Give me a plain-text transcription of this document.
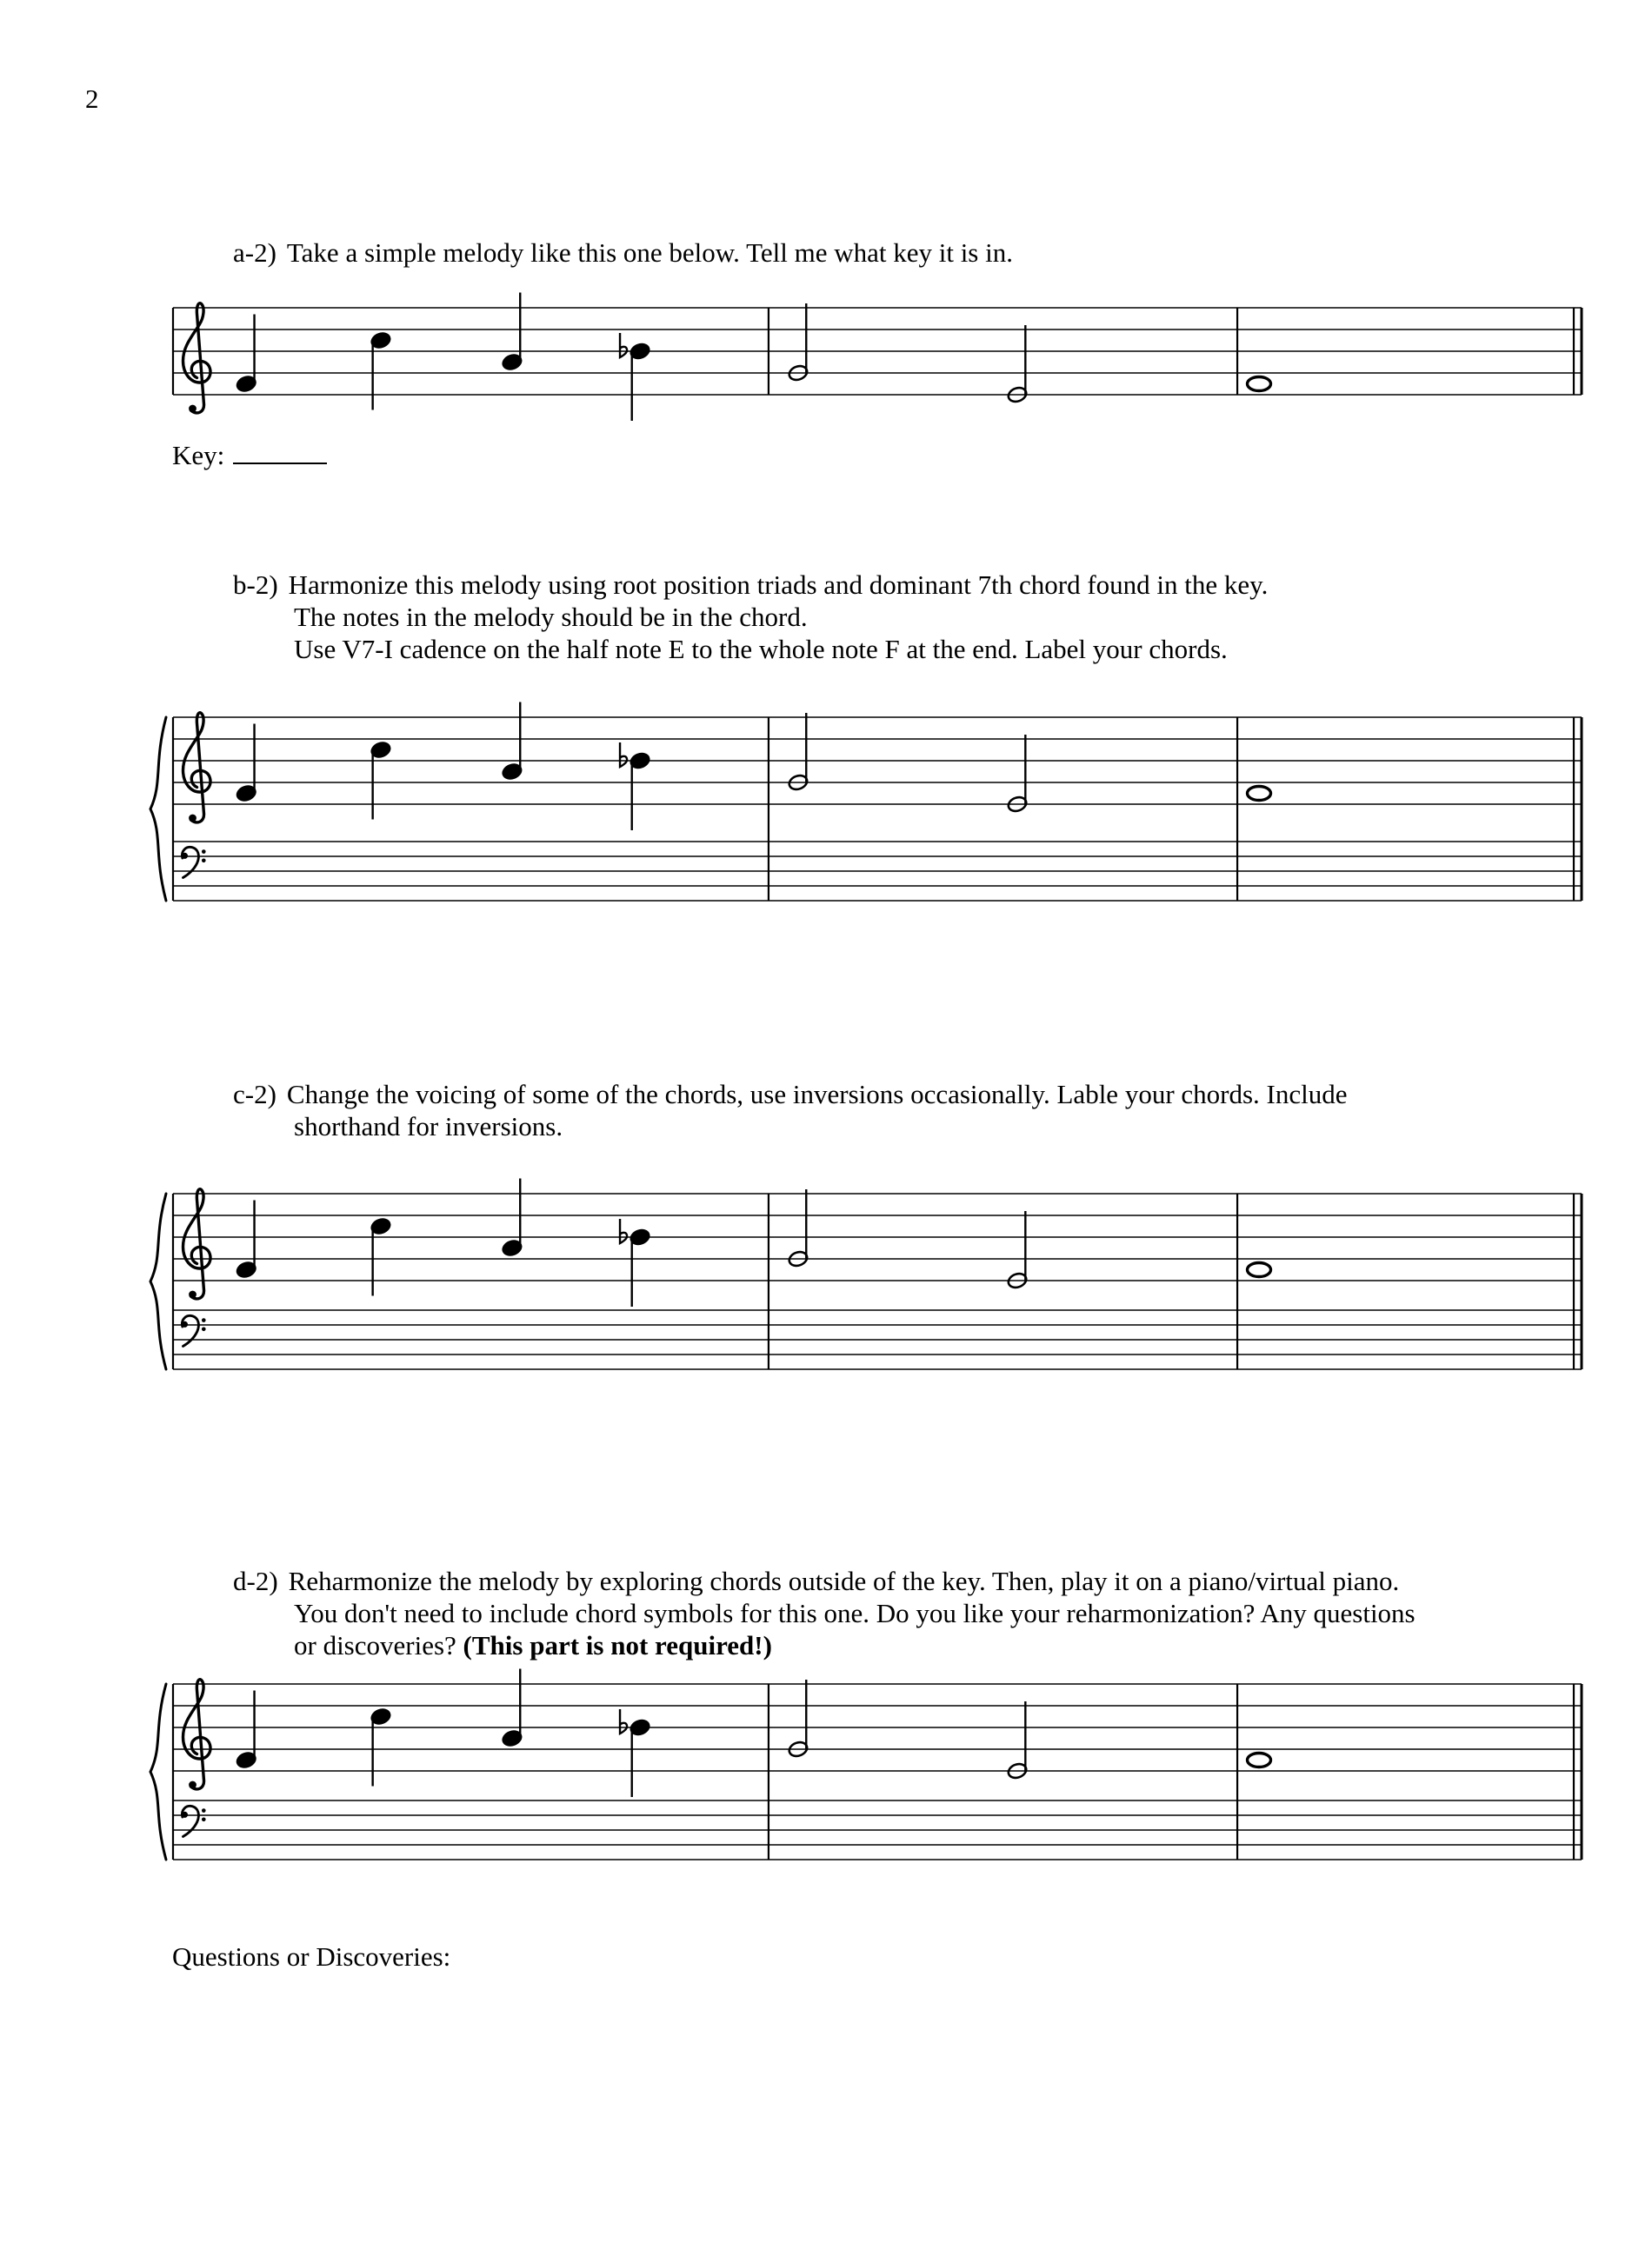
2
a-2) Take a simple melody like this one below. Tell me what key it is in.
Key:
b-2) Harmonize this melody using root position triads and dominant 7th chord found in the key.
The notes in the melody should be in the chord.
Use V7-I cadence on the half note E to the whole note F at the end. Label your chords.
c-2) Change the voicing of some of the chords, use inversions occasionally. Lable your chords. Include
shorthand for inversions.
d-2) Reharmonize the melody by exploring chords outside of the key. Then, play it on a piano/virtual piano.
You don't need to include chord symbols for this one. Do you like your reharmonization? Any questions
or discoveries? (This part is not required!)
Questions or Discoveries:
